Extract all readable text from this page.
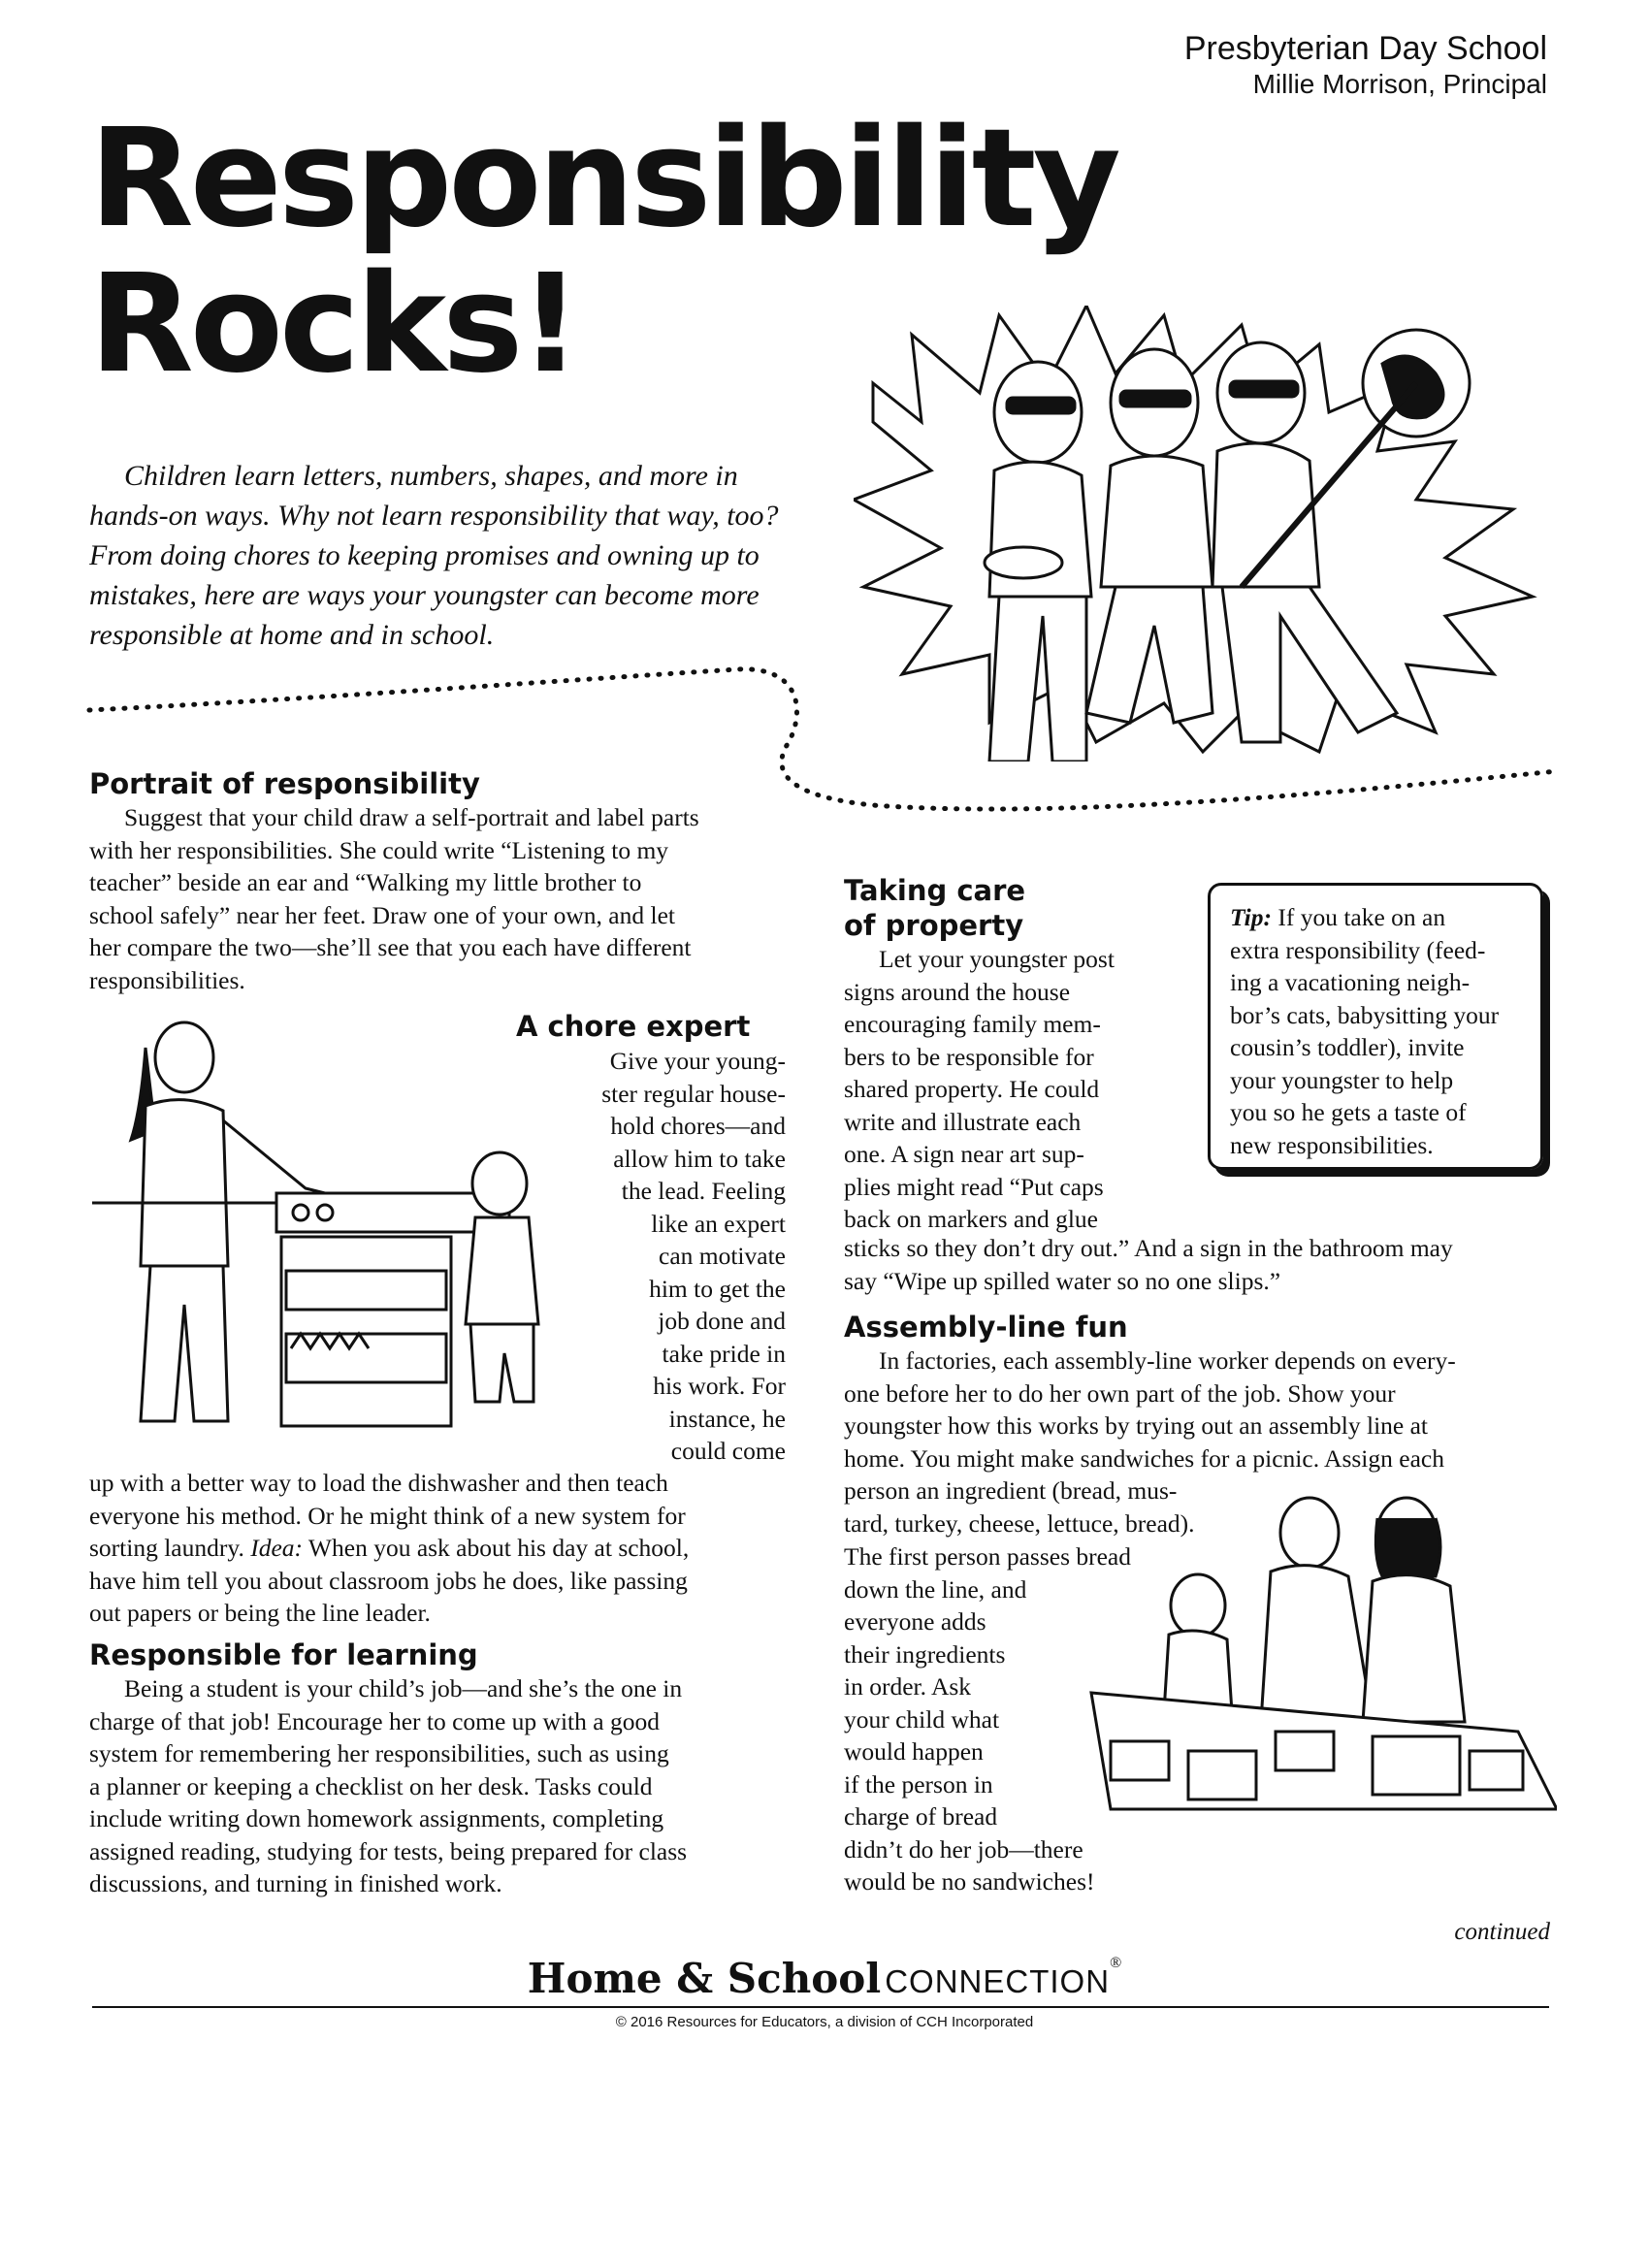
Presbyterian Day School
Millie Morrison, Principal
Responsibility
Rocks!
Children learn letters, numbers, shapes, and more in
hands-on ways. Why not learn responsibility that way, too?
From doing chores to keeping promises and owning up to
mistakes, here are ways your youngster can become more
responsible at home and in school.
Portrait of responsibility
Suggest that your child draw a self-portrait and label parts
with her responsibilities. She could write “Listening to my
teacher” beside an ear and “Walking my little brother to
school safely” near her feet. Draw one of your own, and let
her compare the two—she’ll see that you each have different
responsibilities.
A chore expert
Give your young-
ster regular house-
hold chores—and
allow him to take
the lead. Feeling
like an expert
can motivate
him to get the
job done and
take pride in
his work. For
instance, he
could come
up with a better way to load the dishwasher and then teach
everyone his method. Or he might think of a new system for
sorting laundry. Idea: When you ask about his day at school,
have him tell you about classroom jobs he does, like passing
out papers or being the line leader.
Responsible for learning
Being a student is your child’s job—and she’s the one in
charge of that job! Encourage her to come up with a good
system for remembering her responsibilities, such as using
a planner or keeping a checklist on her desk. Tasks could
include writing down homework assignments, completing
assigned reading, studying for tests, being prepared for class
discussions, and turning in finished work.
Taking care
of property
Let your youngster post
signs around the house
encouraging family mem-
bers to be responsible for
shared property. He could
write and illustrate each
one. A sign near art sup-
plies might read “Put caps
back on markers and glue
sticks so they don’t dry out.” And a sign in the bathroom may
say “Wipe up spilled water so no one slips.”
Tip: If you take on an
extra responsibility (feed-
ing a vacationing neigh-
bor’s cats, babysitting your
cousin’s toddler), invite
your youngster to help
you so he gets a taste of
new responsibilities.
Assembly-line fun
In factories, each assembly-line worker depends on every-
one before her to do her own part of the job. Show your
youngster how this works by trying out an assembly line at
home. You might make sandwiches for a picnic. Assign each
person an ingredient (bread, mus-
tard, turkey, cheese, lettuce, bread).
The first person passes bread
down the line, and
everyone adds
their ingredients
in order. Ask
your child what
would happen
if the person in
charge of bread
didn’t do her job—there
would be no sandwiches!
continued
Home & School CONNECTION®
© 2016 Resources for Educators, a division of CCH Incorporated
